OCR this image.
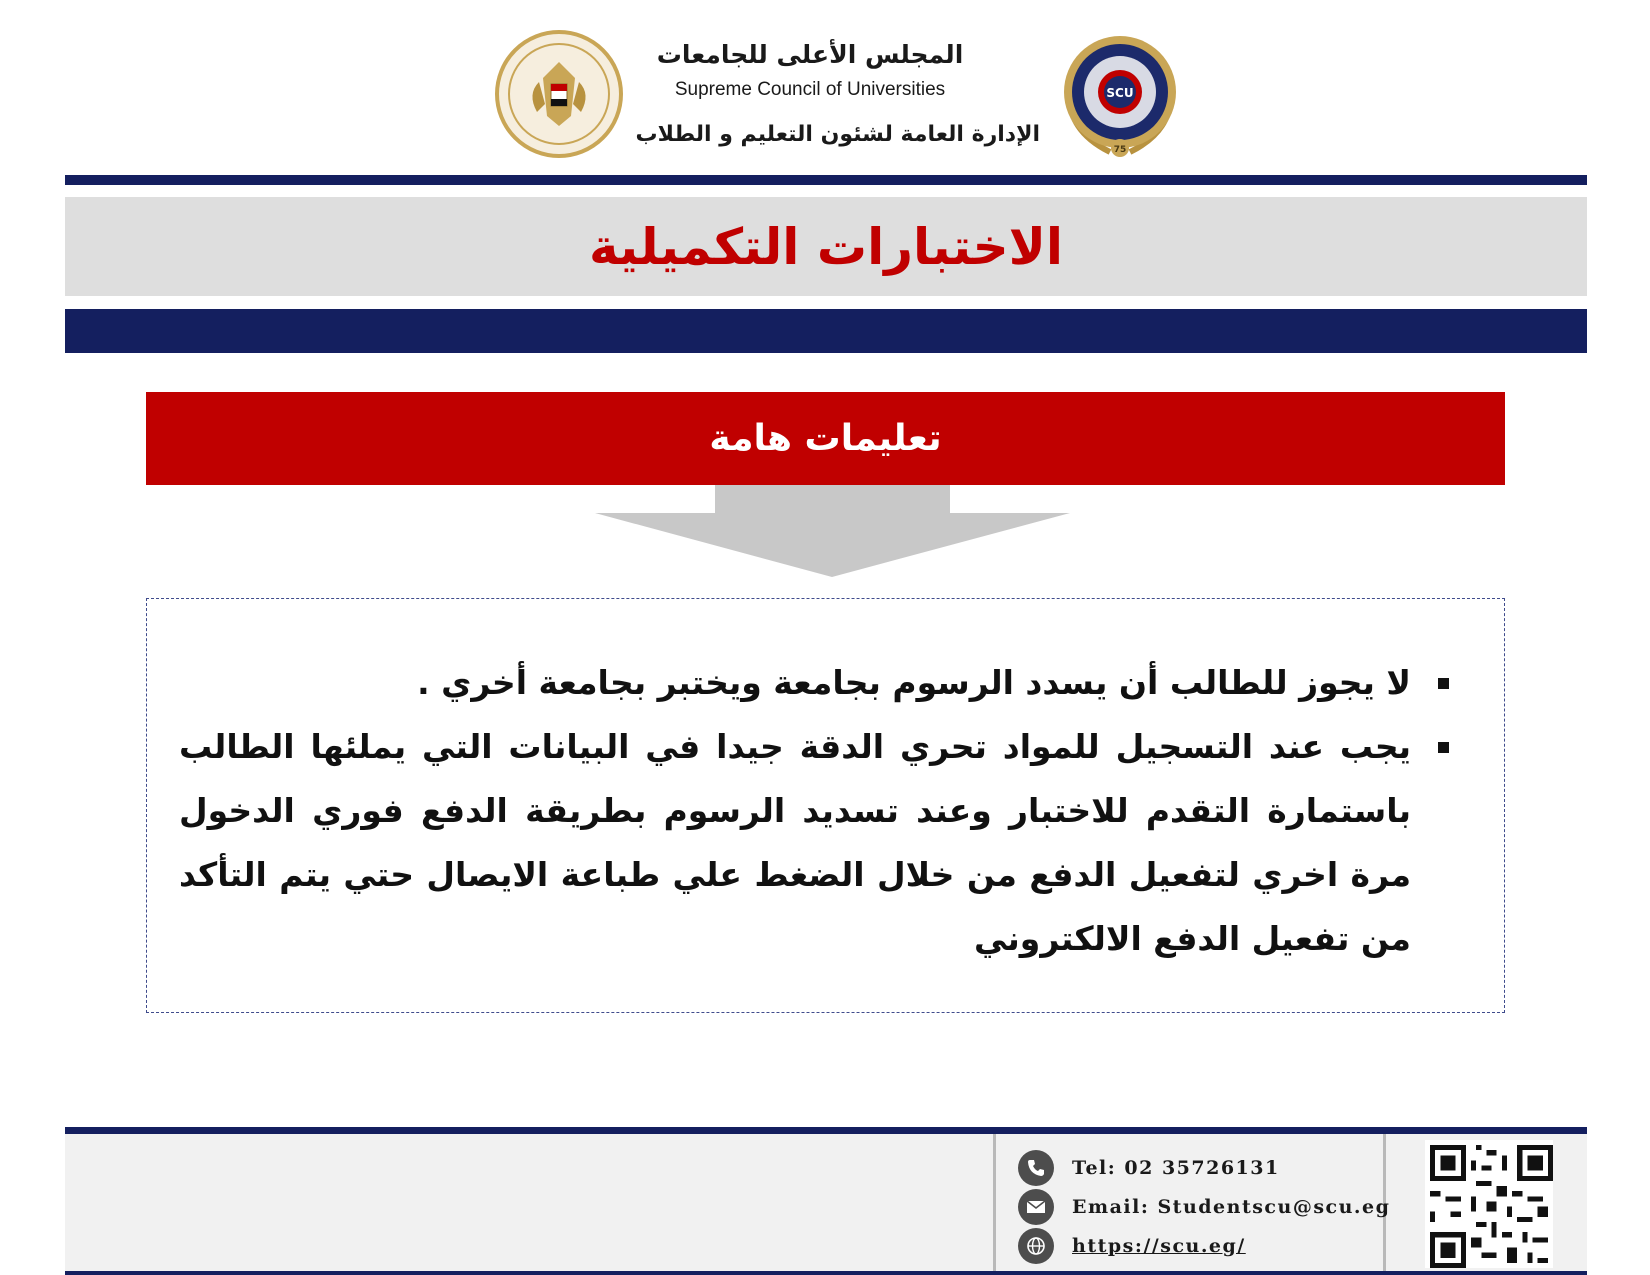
SCU
75
المجلس الأعلى للجامعات
Supreme Council of Universities
الإدارة العامة لشئون التعليم و الطلاب
الاختبارات التكميلية
تعليمات هامة
لا يجوز للطالب أن يسدد الرسوم بجامعة ويختبر بجامعة أخري .
يجب عند التسجيل للمواد تحري الدقة جيدا في البيانات التي يملئها الطالب باستمارة التقدم للاختبار وعند تسديد الرسوم بطريقة الدفع فوري الدخول مرة اخري لتفعيل الدفع من خلال الضغط علي طباعة الايصال حتي يتم التأكد من تفعيل الدفع الالكتروني
Tel: 02 35726131
Email: Studentscu@scu.eg
https://scu.eg/
